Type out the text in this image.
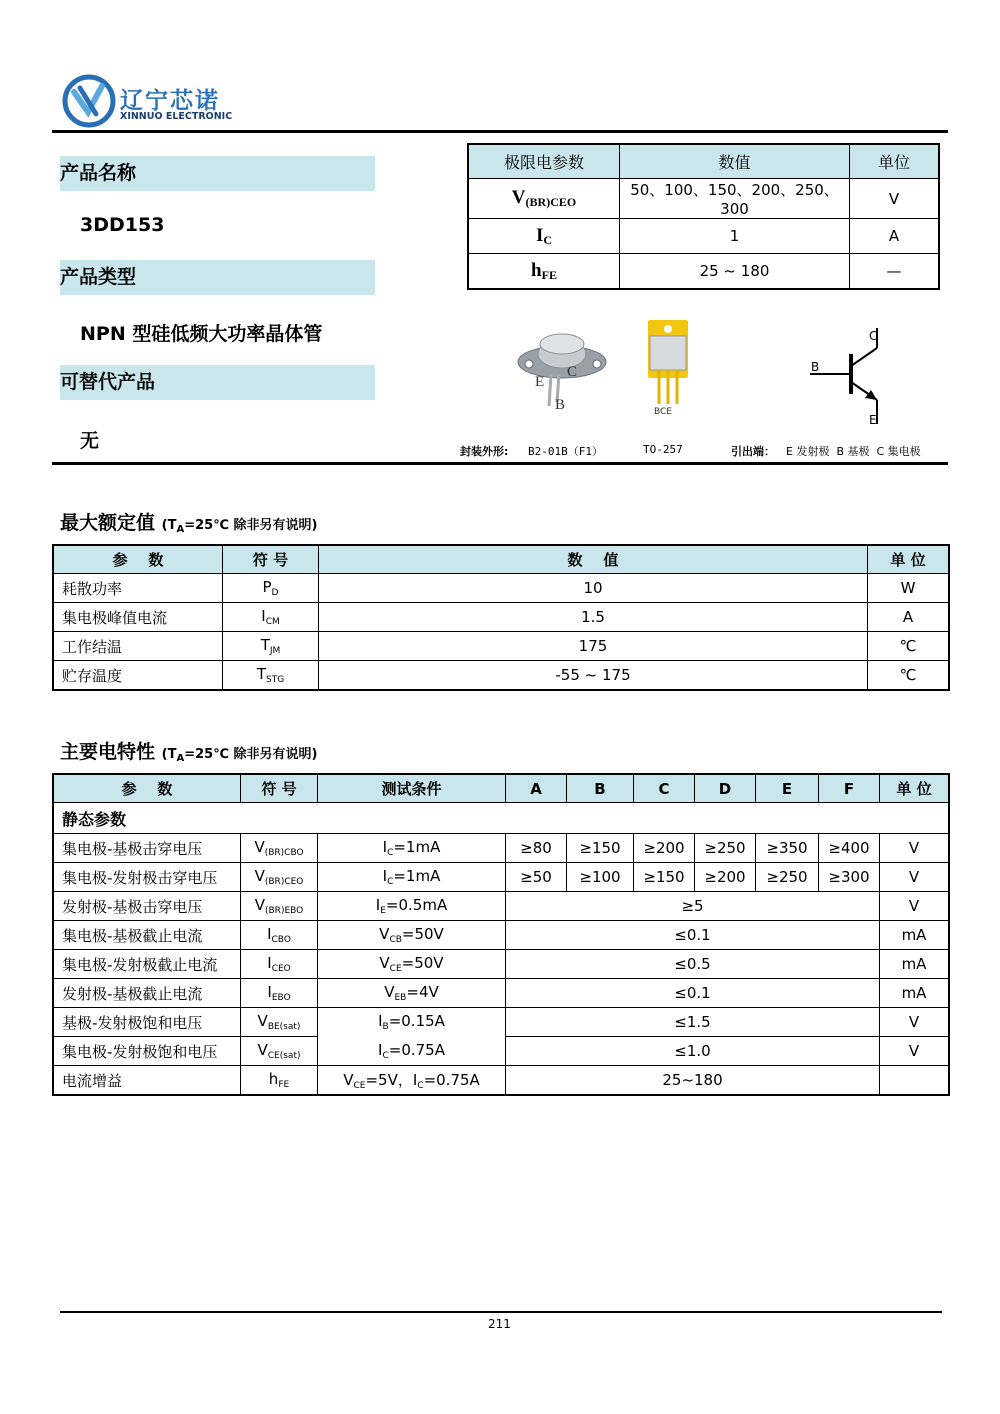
辽宁芯诺
XINNUO ELECTRONIC
产品名称
3DD153
产品类型
NPN 型硅低频大功率晶体管
可替代产品
无
极限电参数	数值	单位
$V_{(BR)CEO}$	50、100、150、200、250、300	V
$I_C$	1	A
$h_{FE}$	25 ~ 180	—
E
C
B	BCE
C
B
E
封装外形: B2-01B（F1）	TO-257	引出端： E 发射极  B 基极  C 集电极
最大额定值 ($T_A=25℃$ 除非另有说明)
参    数	符 号	数    值	单 位
耗散功率	$P_D$	10	W
集电极峰值电流	$I_{CM}$	1.5	A
工作结温	$T_{JM}$	175	℃
贮存温度	$T_{STG}$	-55 ~ 175	℃
主要电特性 ($T_A=25℃$ 除非另有说明)
参    数	符 号	测试条件	A	B	C	D	E	F	单 位
静态参数									
集电极-基极击穿电压	$V_{(BR)CBO}$	$I_C=1mA$	≥80	≥150	≥200	≥250	≥350	≥400	V
集电极-发射极击穿电压	$V_{(BR)CEO}$	$I_C=1mA$	≥50	≥100	≥150	≥200	≥250	≥300	V
发射极-基极击穿电压	$V_{(BR)EBO}$	$I_E=0.5mA$	≥5						V
集电极-基极截止电流	$I_{CBO}$	$V_{CB}=50V$	≤0.1						mA
集电极-发射极截止电流	$I_{CEO}$	$V_{CE}=50V$	≤0.5						mA
发射极-基极截止电流	$I_{EBO}$	$V_{EB}=4V$	≤0.1						mA
基极-发射极饱和电压	$V_{BE(sat)}$	$I_B=0.15A$	≤1.5						V
集电极-发射极饱和电压	$V_{CE(sat)}$	$I_C=0.75A$	≤1.0						V
电流增益	$h_{FE}$	$V_{CE}=5V$，$I_C=0.75A$	25~180						
211
